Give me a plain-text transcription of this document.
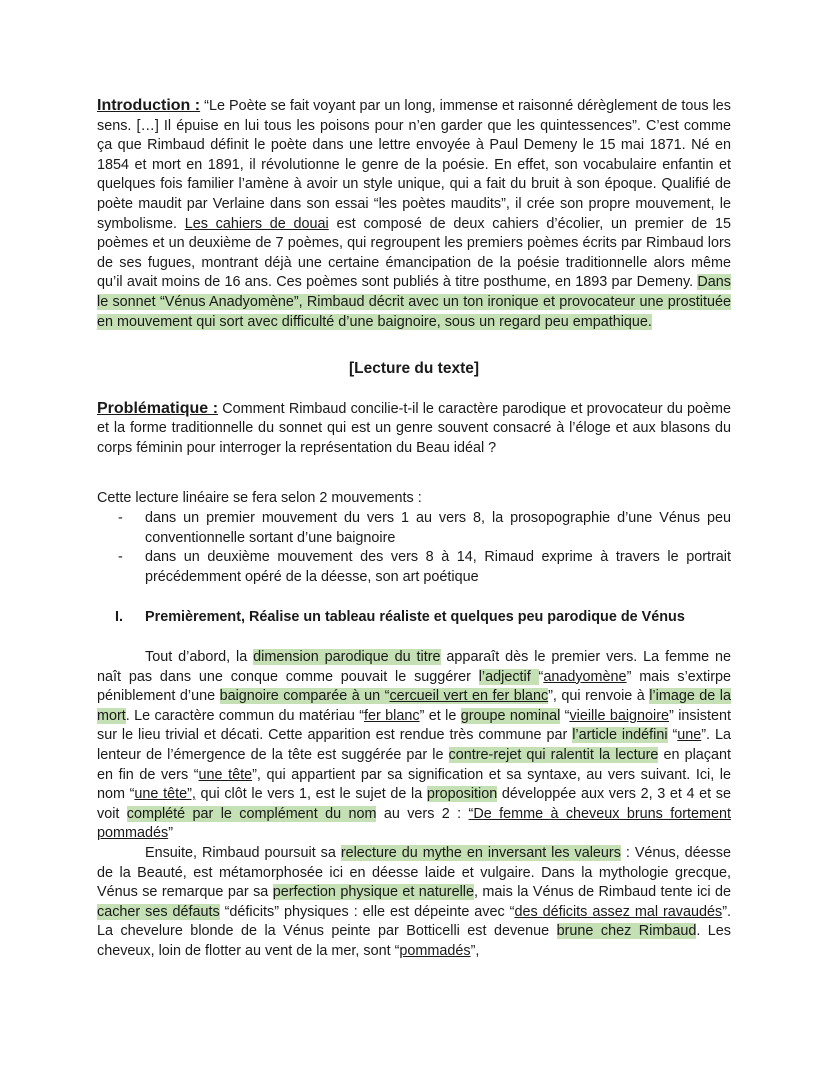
Introduction : “Le Poète se fait voyant par un long, immense et raisonné dérèglement de tous les sens. […] Il épuise en lui tous les poisons pour n’en garder que les quintessences”. C’est comme ça que Rimbaud définit le poète dans une lettre envoyée à Paul Demeny le 15 mai 1871. Né en 1854 et mort en 1891, il révolutionne le genre de la poésie. En effet, son vocabulaire enfantin et quelques fois familier l’amène à avoir un style unique, qui a fait du bruit à son époque. Qualifié de poète maudit par Verlaine dans son essai “les poètes maudits”, il crée son propre mouvement, le symbolisme. Les cahiers de douai est composé de deux cahiers d’écolier, un premier de 15 poèmes et un deuxième de 7 poèmes, qui regroupent les premiers poèmes écrits par Rimbaud lors de ses fugues, montrant déjà une certaine émancipation de la poésie traditionnelle alors même qu’il avait moins de 16 ans. Ces poèmes sont publiés à titre posthume, en 1893 par Demeny. Dans le sonnet “Vénus Anadyomène”, Rimbaud décrit avec un ton ironique et provocateur une prostituée en mouvement qui sort avec difficulté d’une baignoire, sous un regard peu empathique.

[Lecture du texte]

Problématique : Comment Rimbaud concilie-t-il le caractère parodique et provocateur du poème et la forme traditionnelle du sonnet qui est un genre souvent consacré à l’éloge et aux blasons du corps féminin pour interroger la représentation du Beau idéal ?

Cette lecture linéaire se fera selon 2 mouvements :

- dans un premier mouvement du vers 1 au vers 8, la prosopographie d’une Vénus peu conventionnelle sortant d’une baignoire
- dans un deuxième mouvement des vers 8 à 14, Rimaud exprime à travers le portrait précédemment opéré de la déesse, son art poétique
I. Premièrement, Réalise un tableau réaliste et quelques peu parodique de Vénus

Tout d’abord, la dimension parodique du titre apparaît dès le premier vers. La femme ne naît pas dans une conque comme pouvait le suggérer l’adjectif “anadyomène” mais s’extirpe péniblement d’une baignoire comparée à un “cercueil vert en fer blanc”, qui renvoie à l’image de la mort. Le caractère commun du matériau “fer blanc” et le groupe nominal “vieille baignoire” insistent sur le lieu trivial et décati. Cette apparition est rendue très commune par l’article indéfini “une”. La lenteur de l’émergence de la tête est suggérée par le contre-rejet qui ralentit la lecture en plaçant en fin de vers “une tête”, qui appartient par sa signification et sa syntaxe, au vers suivant. Ici, le nom “une tête”, qui clôt le vers 1, est le sujet de la proposition développée aux vers 2, 3 et 4 et se voit complété par le complément du nom au vers 2 : “De femme à cheveux bruns fortement pommadés”

Ensuite, Rimbaud poursuit sa relecture du mythe en inversant les valeurs : Vénus, déesse de la Beauté, est métamorphosée ici en déesse laide et vulgaire. Dans la mythologie grecque, Vénus se remarque par sa perfection physique et naturelle, mais la Vénus de Rimbaud tente ici de cacher ses défauts “déficits” physiques : elle est dépeinte avec “des déficits assez mal ravaudés”. La chevelure blonde de la Vénus peinte par Botticelli est devenue brune chez Rimbaud. Les cheveux, loin de flotter au vent de la mer, sont “pommadés”,
